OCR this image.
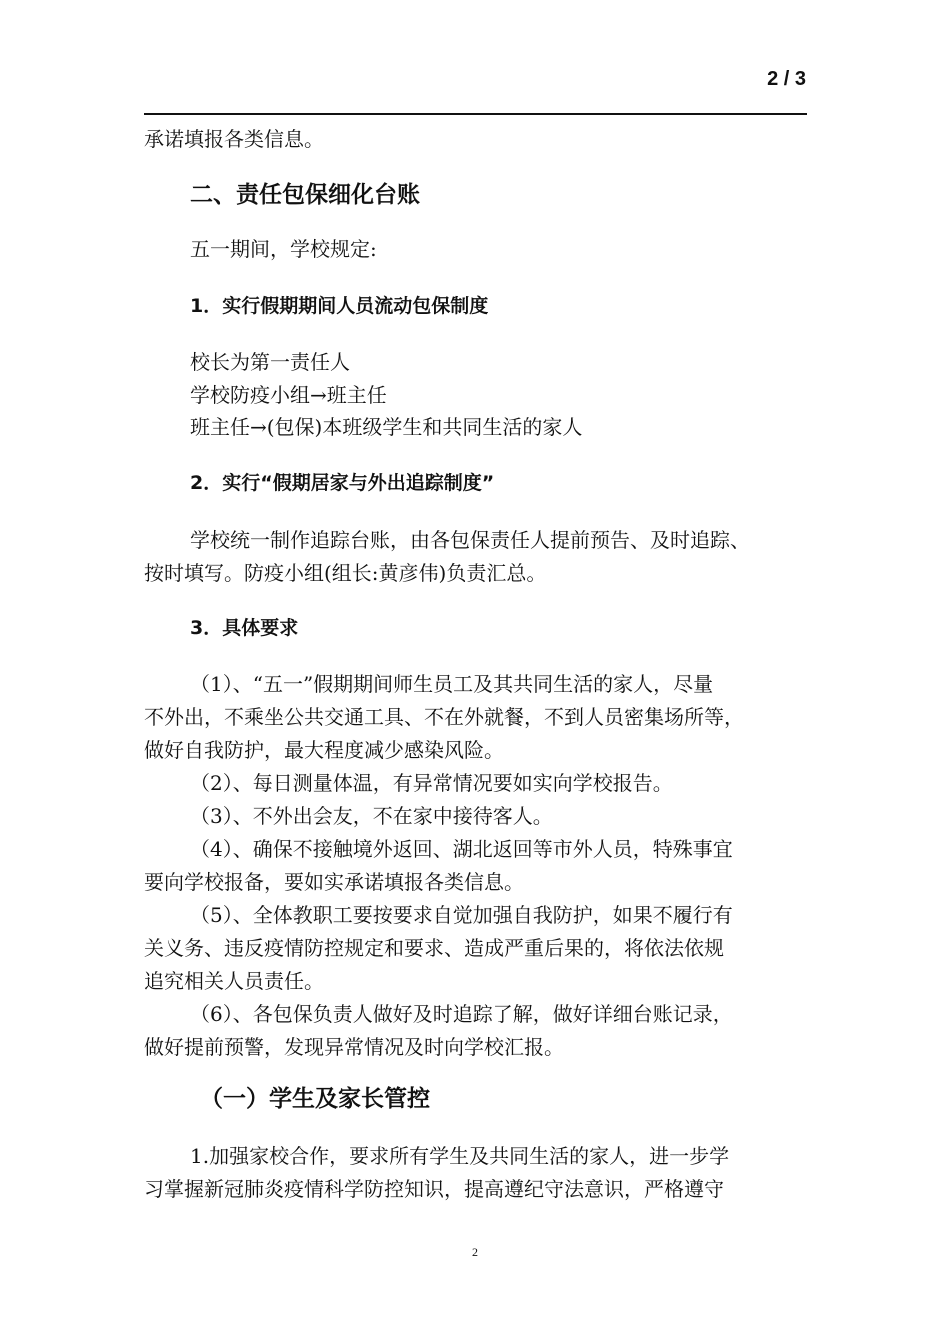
2 / 3
承诺填报各类信息。
二、责任包保细化台账
五一期间，学校规定:
1．实行假期期间人员流动包保制度
校长为第一责任人
学校防疫小组→班主任
班主任→(包保)本班级学生和共同生活的家人
2．实行“假期居家与外出追踪制度”
学校统一制作追踪台账，由各包保责任人提前预告、及时追踪、
按时填写。防疫小组(组长:黄彦伟)负责汇总。
3．具体要求
（1）、“五一”假期期间师生员工及其共同生活的家人，尽量
不外出，不乘坐公共交通工具、不在外就餐，不到人员密集场所等，
做好自我防护，最大程度减少感染风险。
（2）、每日测量体温，有异常情况要如实向学校报告。
（3）、不外出会友，不在家中接待客人。
（4）、确保不接触境外返回、湖北返回等市外人员，特殊事宜
要向学校报备，要如实承诺填报各类信息。
（5）、全体教职工要按要求自觉加强自我防护，如果不履行有
关义务、违反疫情防控规定和要求、造成严重后果的，将依法依规
追究相关人员责任。
（6）、各包保负责人做好及时追踪了解，做好详细台账记录，
做好提前预警，发现异常情况及时向学校汇报。
（一）学生及家长管控
1.加强家校合作，要求所有学生及共同生活的家人，进一步学
习掌握新冠肺炎疫情科学防控知识，提高遵纪守法意识，严格遵守
2
